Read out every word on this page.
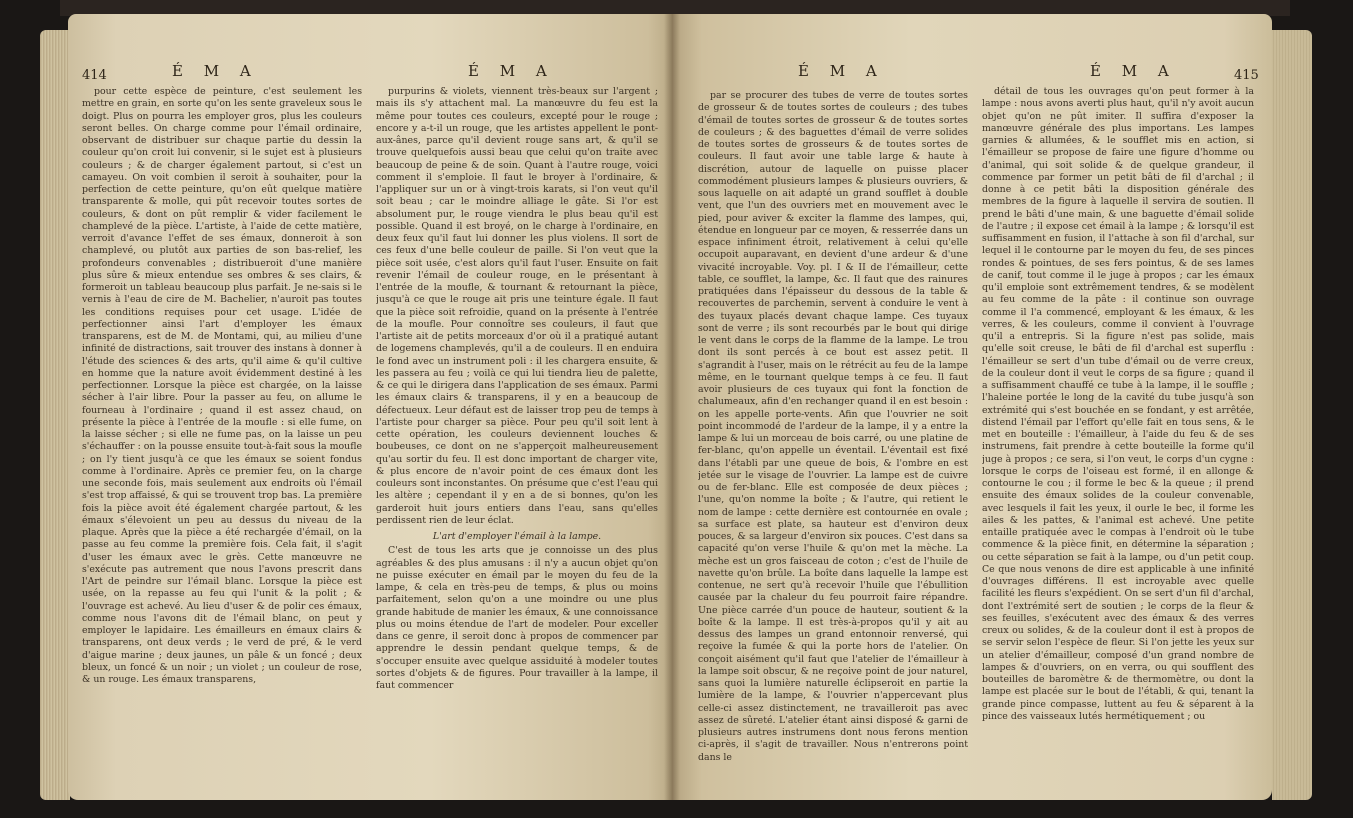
414	É M A	É M A

pour cette espèce de peinture, c'est seulement les mettre en grain, en sorte qu'on les sente graveleux sous le doigt. Plus on pourra les employer gros, plus les couleurs seront belles. On charge comme pour l'émail ordinaire, observant de distribuer sur chaque partie du dessin la couleur qu'on croit lui convenir, si le sujet est à plusieurs couleurs ; & de charger également partout, si c'est un camayeu. On voit combien il seroit à souhaiter, pour la perfection de cette peinture, qu'on eût quelque matière transparente & molle, qui pût recevoir toutes sortes de couleurs, & dont on pût remplir & vider facilement le champlevé de la pièce. L'artiste, à l'aide de cette matière, verroit d'avance l'effet de ses émaux, donneroit à son champlevé, ou plutôt aux parties de son bas-relief, les profondeurs convenables ; distribueroit d'une manière plus sûre & mieux entendue ses ombres & ses clairs, & formeroit un tableau beaucoup plus parfait. Je ne-sais si le vernis à l'eau de cire de M. Bachelier, n'auroit pas toutes les conditions requises pour cet usage. L'idée de perfectionner ainsi l'art d'employer les émaux transparens, est de M. de Montami, qui, au milieu d'une infinité de distractions, sait trouver des instans à donner à l'étude des sciences & des arts, qu'il aime & qu'il cultive en homme que la nature avoit évidemment destiné à les perfectionner. Lorsque la pièce est chargée, on la laisse sécher à l'air libre. Pour la passer au feu, on allume le fourneau à l'ordinaire ; quand il est assez chaud, on présente la pièce à l'entrée de la moufle : si elle fume, on la laisse sécher ; si elle ne fume pas, on la laisse un peu s'échauffer : on la pousse ensuite tout-à-fait sous la moufle ; on l'y tient jusqu'à ce que les émaux se soient fondus comme à l'ordinaire. Après ce premier feu, on la charge une seconde fois, mais seulement aux endroits où l'émail s'est trop affaissé, & qui se trouvent trop bas. La première fois la pièce avoit été également chargée partout, & les émaux s'élevoient un peu au dessus du niveau de la plaque. Après que la pièce a été rechargée d'émail, on la passe au feu comme la première fois. Cela fait, il s'agit d'user les émaux avec le grès. Cette manœuvre ne s'exécute pas autrement que nous l'avons prescrit dans l'Art de peindre sur l'émail blanc. Lorsque la pièce est usée, on la repasse au feu qui l'unit & la polit ; & l'ouvrage est achevé. Au lieu d'user & de polir ces émaux, comme nous l'avons dit de l'émail blanc, on peut y employer le lapidaire. Les émailleurs en émaux clairs & transparens, ont deux verds ; le verd de pré, & le verd d'aigue marine ; deux jaunes, un pâle & un foncé ; deux bleux, un foncé & un noir ; un violet ; un couleur de rose, & un rouge. Les émaux transparens,

purpurins & violets, viennent très-beaux sur l'argent ; mais ils s'y attachent mal. La manœuvre du feu est la même pour toutes ces couleurs, excepté pour le rouge ; encore y a-t-il un rouge, que les artistes appellent le pont-aux-ânes, parce qu'il devient rouge sans art, & qu'il se trouve quelquefois aussi beau que celui qu'on traite avec beaucoup de peine & de soin. Quant à l'autre rouge, voici comment il s'emploie. Il faut le broyer à l'ordinaire, & l'appliquer sur un or à vingt-trois karats, si l'on veut qu'il soit beau ; car le moindre alliage le gâte. Si l'or est absolument pur, le rouge viendra le plus beau qu'il est possible. Quand il est broyé, on le charge à l'ordinaire, en deux feux qu'il faut lui donner les plus violens. Il sort de ces feux d'une belle couleur de paille. Si l'on veut que la pièce soit usée, c'est alors qu'il faut l'user. Ensuite on fait revenir l'émail de couleur rouge, en le présentant à l'entrée de la moufle, & tournant & retournant la pièce, jusqu'à ce que le rouge ait pris une teinture égale. Il faut que la pièce soit refroidie, quand on la présente à l'entrée de la moufle. Pour connoître ses couleurs, il faut que l'artiste ait de petits morceaux d'or où il a pratiqué autant de logemens champlevés, qu'il a de couleurs. Il en enduira le fond avec un instrument poli : il les chargera ensuite, & les passera au feu ; voilà ce qui lui tiendra lieu de palette, & ce qui le dirigera dans l'application de ses émaux. Parmi les émaux clairs & transparens, il y en a beaucoup de défectueux. Leur défaut est de laisser trop peu de temps à l'artiste pour charger sa pièce. Pour peu qu'il soit lent à cette opération, les couleurs deviennent louches & boubeuses, ce dont on ne s'apperçoit malheureusement qu'au sortir du feu. Il est donc important de charger vite, & plus encore de n'avoir point de ces émaux dont les couleurs sont inconstantes. On présume que c'est l'eau qui les altère ; cependant il y en a de si bonnes, qu'on les garderoit huit jours entiers dans l'eau, sans qu'elles perdissent rien de leur éclat.

L'art d'employer l'émail à la lampe.

C'est de tous les arts que je connoisse un des plus agréables & des plus amusans : il n'y a aucun objet qu'on ne puisse exécuter en émail par le moyen du feu de la lampe, & cela en très-peu de temps, & plus ou moins parfaitement, selon qu'on a une moindre ou une plus grande habitude de manier les émaux, & une connoissance plus ou moins étendue de l'art de modeler. Pour exceller dans ce genre, il seroit donc à propos de commencer par apprendre le dessin pendant quelque temps, & de s'occuper ensuite avec quelque assiduité à modeler toutes sortes d'objets & de figures. Pour travailler à la lampe, il faut commencer

É M A	É M A	415

par se procurer des tubes de verre de toutes sortes de grosseur & de toutes sortes de couleurs ; des tubes d'émail de toutes sortes de grosseur & de toutes sortes de couleurs ; & des baguettes d'émail de verre solides de toutes sortes de grosseurs & de toutes sortes de couleurs. Il faut avoir une table large & haute à discrétion, autour de laquelle on puisse placer commodément plusieurs lampes & plusieurs ouvriers, & sous laquelle on ait adapté un grand soufflet à double vent, que l'un des ouvriers met en mouvement avec le pied, pour aviver & exciter la flamme des lampes, qui, étendue en longueur par ce moyen, & resserrée dans un espace infiniment étroit, relativement à celui qu'elle occupoit auparavant, en devient d'une ardeur & d'une vivacité incroyable. Voy. pl. I & II de l'émailleur, cette table, ce soufflet, la lampe, &c. Il faut que des rainures pratiquées dans l'épaisseur du dessous de la table & recouvertes de parchemin, servent à conduire le vent à des tuyaux placés devant chaque lampe. Ces tuyaux sont de verre ; ils sont recourbés par le bout qui dirige le vent dans le corps de la flamme de la lampe. Le trou dont ils sont percés à ce bout est assez petit. Il s'agrandit à l'user, mais on le rétrécit au feu de la lampe même, en le tournant quelque temps à ce feu. Il faut avoir plusieurs de ces tuyaux qui font la fonction de chalumeaux, afin d'en rechanger quand il en est besoin : on les appelle porte-vents. Afin que l'ouvrier ne soit point incommodé de l'ardeur de la lampe, il y a entre la lampe & lui un morceau de bois carré, ou une platine de fer-blanc, qu'on appelle un éventail. L'éventail est fixé dans l'établi par une queue de bois, & l'ombre en est jetée sur le visage de l'ouvrier. La lampe est de cuivre ou de fer-blanc. Elle est composée de deux pièces ; l'une, qu'on nomme la boîte ; & l'autre, qui retient le nom de lampe : cette dernière est contournée en ovale ; sa surface est plate, sa hauteur est d'environ deux pouces, & sa largeur d'environ six pouces. C'est dans sa capacité qu'on verse l'huile & qu'on met la mèche. La mèche est un gros faisceau de coton ; c'est de l'huile de navette qu'on brûle. La boîte dans laquelle la lampe est contenue, ne sert qu'à recevoir l'huile que l'ébullition causée par la chaleur du feu pourroit faire répandre. Une pièce carrée d'un pouce de hauteur, soutient & la boîte & la lampe. Il est très-à-propos qu'il y ait au dessus des lampes un grand entonnoir renversé, qui reçoive la fumée & qui la porte hors de l'atelier. On conçoit aisément qu'il faut que l'atelier de l'émailleur à la lampe soit obscur, & ne reçoive point de jour naturel, sans quoi la lumière naturelle éclipseroit en partie la lumière de la lampe, & l'ouvrier n'appercevant plus celle-ci assez distinctement, ne travailleroit pas avec assez de sûreté. L'atelier étant ainsi disposé & garni de plusieurs autres instrumens dont nous ferons mention ci-après, il s'agit de travailler. Nous n'entrerons point dans le

détail de tous les ouvrages qu'on peut former à la lampe : nous avons averti plus haut, qu'il n'y avoit aucun objet qu'on ne pût imiter. Il suffira d'exposer la manœuvre générale des plus importans. Les lampes garnies & allumées, & le soufflet mis en action, si l'émailleur se propose de faire une figure d'homme ou d'animal, qui soit solide & de quelque grandeur, il commence par former un petit bâti de fil d'archal ; il donne à ce petit bâti la disposition générale des membres de la figure à laquelle il servira de soutien. Il prend le bâti d'une main, & une baguette d'émail solide de l'autre ; il expose cet émail à la lampe ; & lorsqu'il est suffisamment en fusion, il l'attache à son fil d'archal, sur lequel il le contourne par le moyen du feu, de ses pinces rondes & pointues, de ses fers pointus, & de ses lames de canif, tout comme il le juge à propos ; car les émaux qu'il emploie sont extrêmement tendres, & se modèlent au feu comme de la pâte : il continue son ouvrage comme il l'a commencé, employant & les émaux, & les verres, & les couleurs, comme il convient à l'ouvrage qu'il a entrepris. Si la figure n'est pas solide, mais qu'elle soit creuse, le bâti de fil d'archal est superflu : l'émailleur se sert d'un tube d'émail ou de verre creux, de la couleur dont il veut le corps de sa figure ; quand il a suffisamment chauffé ce tube à la lampe, il le souffle ; l'haleine portée le long de la cavité du tube jusqu'à son extrémité qui s'est bouchée en se fondant, y est arrêtée, distend l'émail par l'effort qu'elle fait en tous sens, & le met en bouteille : l'émailleur, à l'aide du feu & de ses instrumens, fait prendre à cette bouteille la forme qu'il juge à propos ; ce sera, si l'on veut, le corps d'un cygne : lorsque le corps de l'oiseau est formé, il en allonge & contourne le cou ; il forme le bec & la queue ; il prend ensuite des émaux solides de la couleur convenable, avec lesquels il fait les yeux, il ourle le bec, il forme les ailes & les pattes, & l'animal est achevé. Une petite entaille pratiquée avec le compas à l'endroit où le tube commence & la pièce finit, en détermine la séparation ; ou cette séparation se fait à la lampe, ou d'un petit coup. Ce que nous venons de dire est applicable à une infinité d'ouvrages différens. Il est incroyable avec quelle facilité les fleurs s'expédient. On se sert d'un fil d'archal, dont l'extrémité sert de soutien ; le corps de la fleur & ses feuilles, s'exécutent avec des émaux & des verres creux ou solides, & de la couleur dont il est à propos de se servir selon l'espèce de fleur. Si l'on jette les yeux sur un atelier d'émailleur, composé d'un grand nombre de lampes & d'ouvriers, on en verra, ou qui soufflent des bouteilles de baromètre & de thermomètre, ou dont la lampe est placée sur le bout de l'établi, & qui, tenant la grande pince compasse, luttent au feu & séparent à la pince des vaisseaux lutés hermétiquement ; ou
